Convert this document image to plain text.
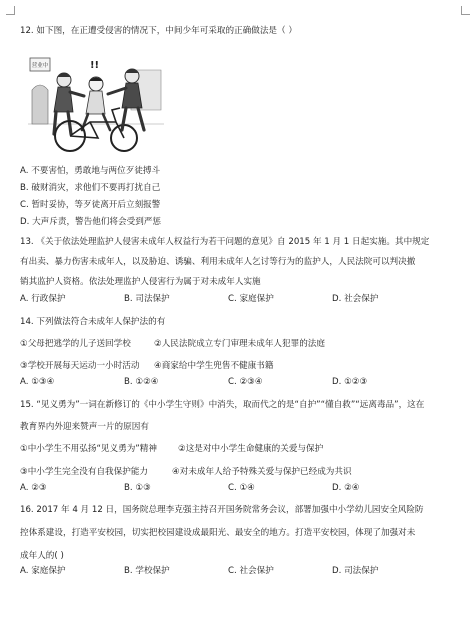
12. 如下图，在正遭受侵害的情况下，中间少年可采取的正确做法是（ ）
营业中	!!
A. 不要害怕，勇敢地与两位歹徒搏斗
B. 破财消灾，求他们不要再打扰自己
C. 暂时妥协，等歹徒离开后立刻报警
D. 大声斥责，警告他们将会受到严惩
13. 《关于依法处理监护人侵害未成年人权益行为若干问题的意见》自 2015 年 1 月 1 日起实施。其中规定
有出卖、暴力伤害未成年人，以及胁迫、诱骗、利用未成年人乞讨等行为的监护人，人民法院可以判决撤
销其监护人资格。依法处理监护人侵害行为属于对未成年人实施
A. 行政保护	B. 司法保护	C. 家庭保护	D. 社会保护
14. 下列做法符合未成年人保护法的有
①父母把逃学的儿子送回学校	②人民法院成立专门审理未成年人犯罪的法庭
③学校开展每天运动一小时活动 ④商家给中学生兜售不健康书籍
A. ①③④	B. ①②④	C. ②③④	D. ①②③
15. “见义勇为”一词在新修订的《中小学生守则》中消失，取而代之的是“自护”“懂自救”“远离毒品”，这在
教育界内外迎来赞声一片的原因有
①中小学生不用弘扬“见义勇为”精神 ②这是对中小学生命健康的关爱与保护
③中小学生完全没有自我保护能力	④对未成年人给予特殊关爱与保护已经成为共识
A. ②③	B. ①③	C. ①④	D. ②④
16. 2017 年 4 月 12 日，国务院总理李克强主持召开国务院常务会议，部署加强中小学幼儿园安全风险防
控体系建设，打造平安校园，切实把校园建设成最阳光、最安全的地方。打造平安校园，体现了加强对未
成年人的( )
A. 家庭保护	B. 学校保护	C. 社会保护	D. 司法保护
